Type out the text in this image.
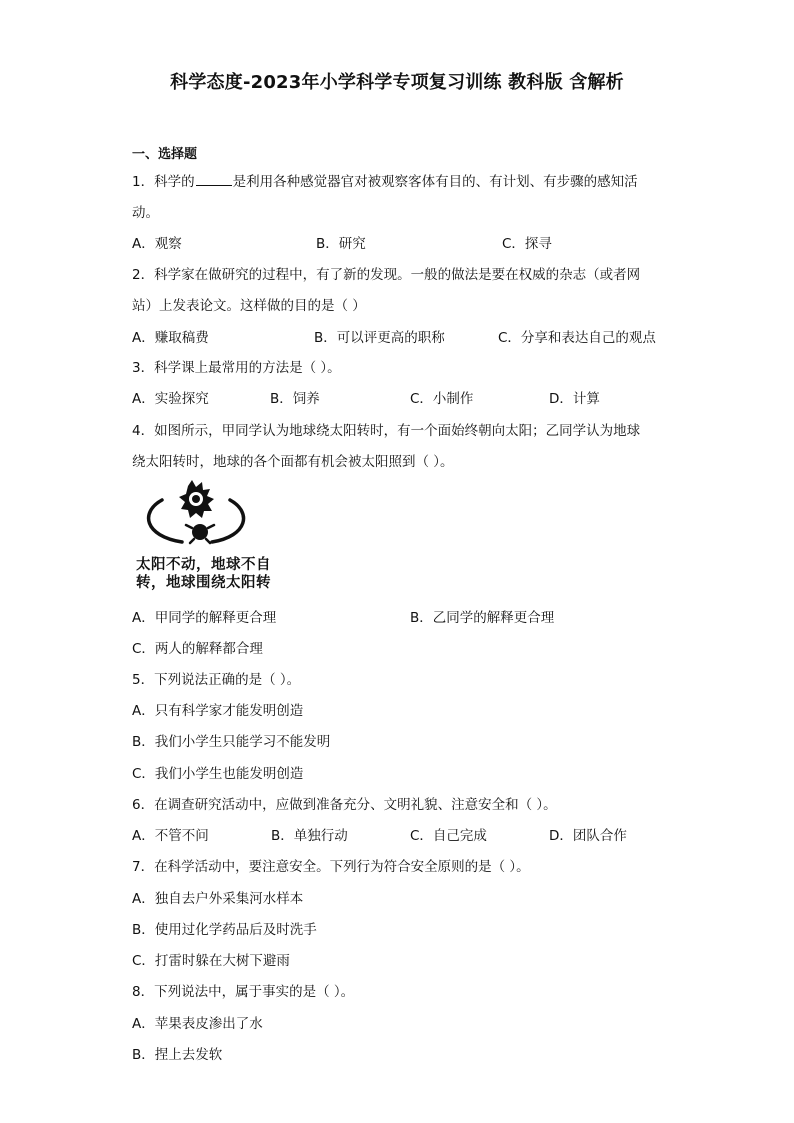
科学态度-2023年小学科学专项复习训练 教科版 含解析
一、选择题
1．科学的	是利用各种感觉器官对被观察客体有目的、有计划、有步骤的感知活
动。
A．观察	B．研究	C．探寻
2．科学家在做研究的过程中，有了新的发现。一般的做法是要在权威的杂志（或者网
站）上发表论文。这样做的目的是（ ）
A．赚取稿费	B．可以评更高的职称	C．分享和表达自己的观点
3．科学课上最常用的方法是（ ）。
A．实验探究	B．饲养	C．小制作	D．计算
4．如图所示，甲同学认为地球绕太阳转时，有一个面始终朝向太阳；乙同学认为地球
绕太阳转时，地球的各个面都有机会被太阳照到（ ）。
太阳不动，地球不自
转，地球围绕太阳转
A．甲同学的解释更合理	B．乙同学的解释更合理
C．两人的解释都合理
5．下列说法正确的是（ ）。
A．只有科学家才能发明创造
B．我们小学生只能学习不能发明
C．我们小学生也能发明创造
6．在调查研究活动中，应做到准备充分、文明礼貌、注意安全和（ ）。
A．不管不问	B．单独行动	C．自己完成	D．团队合作
7．在科学活动中，要注意安全。下列行为符合安全原则的是（ ）。
A．独自去户外采集河水样本
B．使用过化学药品后及时洗手
C．打雷时躲在大树下避雨
8．下列说法中，属于事实的是（ ）。
A．苹果表皮渗出了水
B．捏上去发软
